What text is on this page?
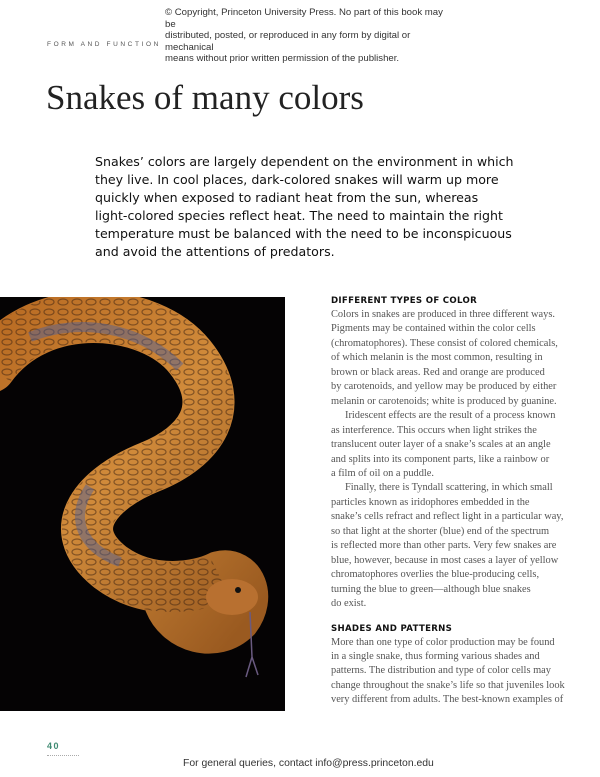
© Copyright, Princeton University Press. No part of this book may be
distributed, posted, or reproduced in any form by digital or mechanical
means without prior written permission of the publisher.
FORM AND FUNCTION
Snakes of many colors
Snakes’ colors are largely dependent on the environment in which
they live. In cool places, dark-colored snakes will warm up more
quickly when exposed to radiant heat from the sun, whereas
light-colored species reflect heat. The need to maintain the right
temperature must be balanced with the need to be inconspicuous
and avoid the attentions of predators.
DIFFERENT TYPES OF COLOR
Colors in snakes are produced in three different ways.
Pigments may be contained within the color cells
(chromatophores). These consist of colored chemicals,
of which melanin is the most common, resulting in
brown or black areas. Red and orange are produced
by carotenoids, and yellow may be produced by either
melanin or carotenoids; white is produced by guanine.
Iridescent effects are the result of a process known
as interference. This occurs when light strikes the
translucent outer layer of a snake’s scales at an angle
and splits into its component parts, like a rainbow or
a film of oil on a puddle.
Finally, there is Tyndall scattering, in which small
particles known as iridophores embedded in the
snake’s cells refract and reflect light in a particular way,
so that light at the shorter (blue) end of the spectrum
is reflected more than other parts. Very few snakes are
blue, however, because in most cases a layer of yellow
chromatophores overlies the blue-producing cells,
turning the blue to green—although blue snakes
do exist.
SHADES AND PATTERNS
More than one type of color production may be found
in a single snake, thus forming various shades and
patterns. The distribution and type of color cells may
change throughout the snake’s life so that juveniles look
very different from adults. The best-known examples of
40
For general queries, contact info@press.princeton.edu
